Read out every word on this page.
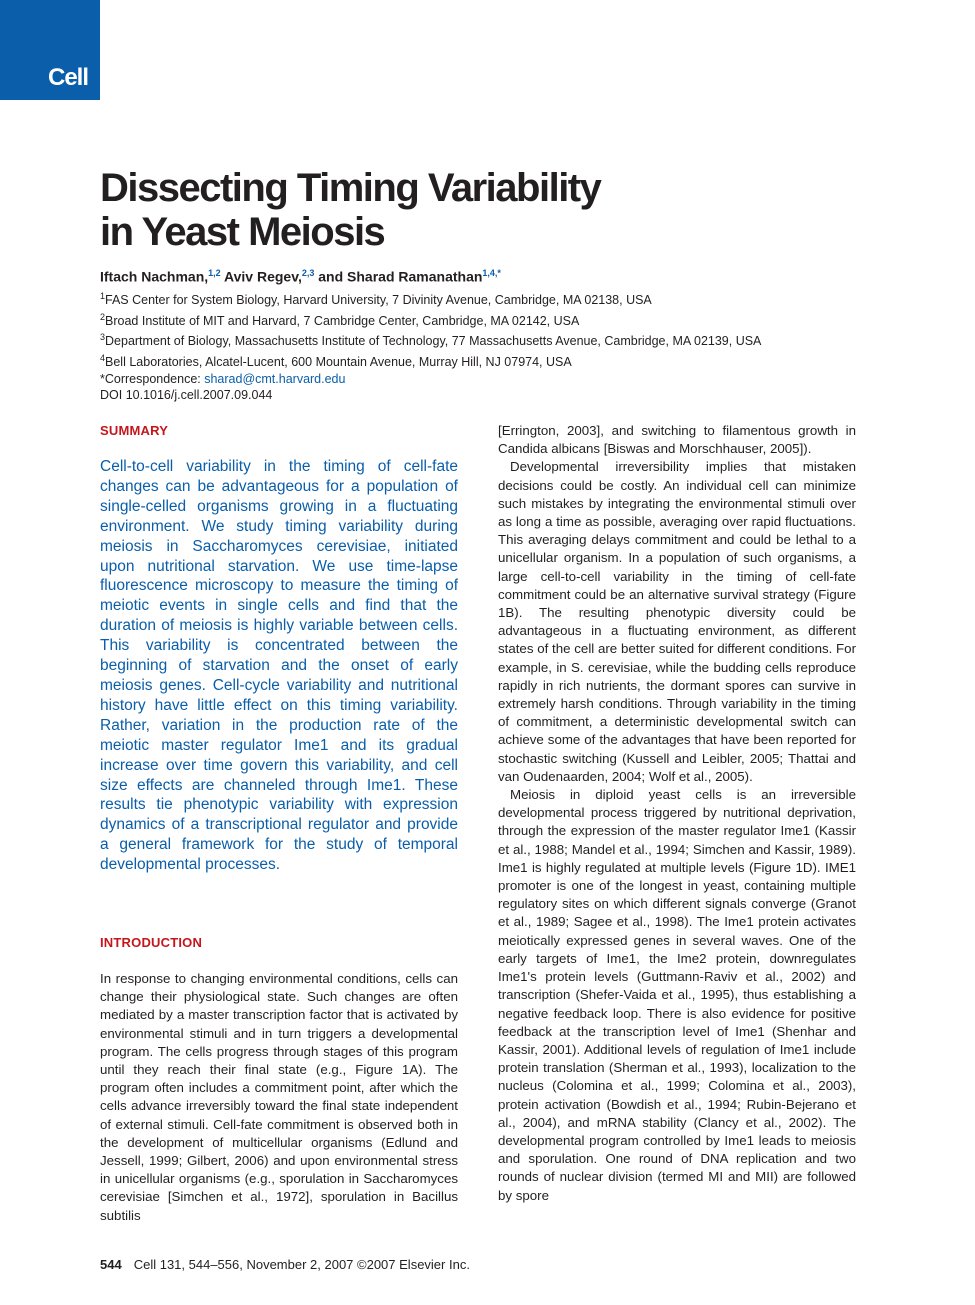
Cell
Dissecting Timing Variability
in Yeast Meiosis
Iftach Nachman,$^{1,2}$ Aviv Regev,$^{2,3}$ and Sharad Ramanathan$^{1,4,*}$
$^1$FAS Center for System Biology, Harvard University, 7 Divinity Avenue, Cambridge, MA 02138, USA
$^2$Broad Institute of MIT and Harvard, 7 Cambridge Center, Cambridge, MA 02142, USA
$^3$Department of Biology, Massachusetts Institute of Technology, 77 Massachusetts Avenue, Cambridge, MA 02139, USA
$^4$Bell Laboratories, Alcatel-Lucent, 600 Mountain Avenue, Murray Hill, NJ 07974, USA
*Correspondence: sharad@cmt.harvard.edu
DOI 10.1016/j.cell.2007.09.044
SUMMARY
Cell-to-cell variability in the timing of cell-fate changes can be advantageous for a population of single-celled organisms growing in a fluctuating environment. We study timing variability during meiosis in Saccharomyces cerevisiae, initiated upon nutritional starvation. We use time-lapse fluorescence microscopy to measure the timing of meiotic events in single cells and find that the duration of meiosis is highly variable between cells. This variability is concentrated between the beginning of starvation and the onset of early meiosis genes. Cell-cycle variability and nutritional history have little effect on this timing variability. Rather, variation in the production rate of the meiotic master regulator Ime1 and its gradual increase over time govern this variability, and cell size effects are channeled through Ime1. These results tie phenotypic variability with expression dynamics of a transcriptional regulator and provide a general framework for the study of temporal developmental processes.
INTRODUCTION

In response to changing environmental conditions, cells can change their physiological state. Such changes are often mediated by a master transcription factor that is activated by environmental stimuli and in turn triggers a developmental program. The cells progress through stages of this program until they reach their final state (e.g., Figure 1A). The program often includes a commitment point, after which the cells advance irreversibly toward the final state independent of external stimuli. Cell-fate commitment is observed both in the development of multicellular organisms (Edlund and Jessell, 1999; Gilbert, 2006) and upon environmental stress in unicellular organisms (e.g., sporulation in Saccharomyces cerevisiae [Simchen et al., 1972], sporulation in Bacillus subtilis

[Errington, 2003], and switching to filamentous growth in Candida albicans [Biswas and Morschhauser, 2005]).

Developmental irreversibility implies that mistaken decisions could be costly. An individual cell can minimize such mistakes by integrating the environmental stimuli over as long a time as possible, averaging over rapid fluctuations. This averaging delays commitment and could be lethal to a unicellular organism. In a population of such organisms, a large cell-to-cell variability in the timing of cell-fate commitment could be an alternative survival strategy (Figure 1B). The resulting phenotypic diversity could be advantageous in a fluctuating environment, as different states of the cell are better suited for different conditions. For example, in S. cerevisiae, while the budding cells reproduce rapidly in rich nutrients, the dormant spores can survive in extremely harsh conditions. Through variability in the timing of commitment, a deterministic developmental switch can achieve some of the advantages that have been reported for stochastic switching (Kussell and Leibler, 2005; Thattai and van Oudenaarden, 2004; Wolf et al., 2005).

Meiosis in diploid yeast cells is an irreversible developmental process triggered by nutritional deprivation, through the expression of the master regulator Ime1 (Kassir et al., 1988; Mandel et al., 1994; Simchen and Kassir, 1989). Ime1 is highly regulated at multiple levels (Figure 1D). IME1 promoter is one of the longest in yeast, containing multiple regulatory sites on which different signals converge (Granot et al., 1989; Sagee et al., 1998). The Ime1 protein activates meiotically expressed genes in several waves. One of the early targets of Ime1, the Ime2 protein, downregulates Ime1's protein levels (Guttmann-Raviv et al., 2002) and transcription (Shefer-Vaida et al., 1995), thus establishing a negative feedback loop. There is also evidence for positive feedback at the transcription level of Ime1 (Shenhar and Kassir, 2001). Additional levels of regulation of Ime1 include protein translation (Sherman et al., 1993), localization to the nucleus (Colomina et al., 1999; Colomina et al., 2003), protein activation (Bowdish et al., 1994; Rubin-Bejerano et al., 2004), and mRNA stability (Clancy et al., 2002). The developmental program controlled by Ime1 leads to meiosis and sporulation. One round of DNA replication and two rounds of nuclear division (termed MI and MII) are followed by spore

544 Cell 131, 544–556, November 2, 2007 ©2007 Elsevier Inc.
